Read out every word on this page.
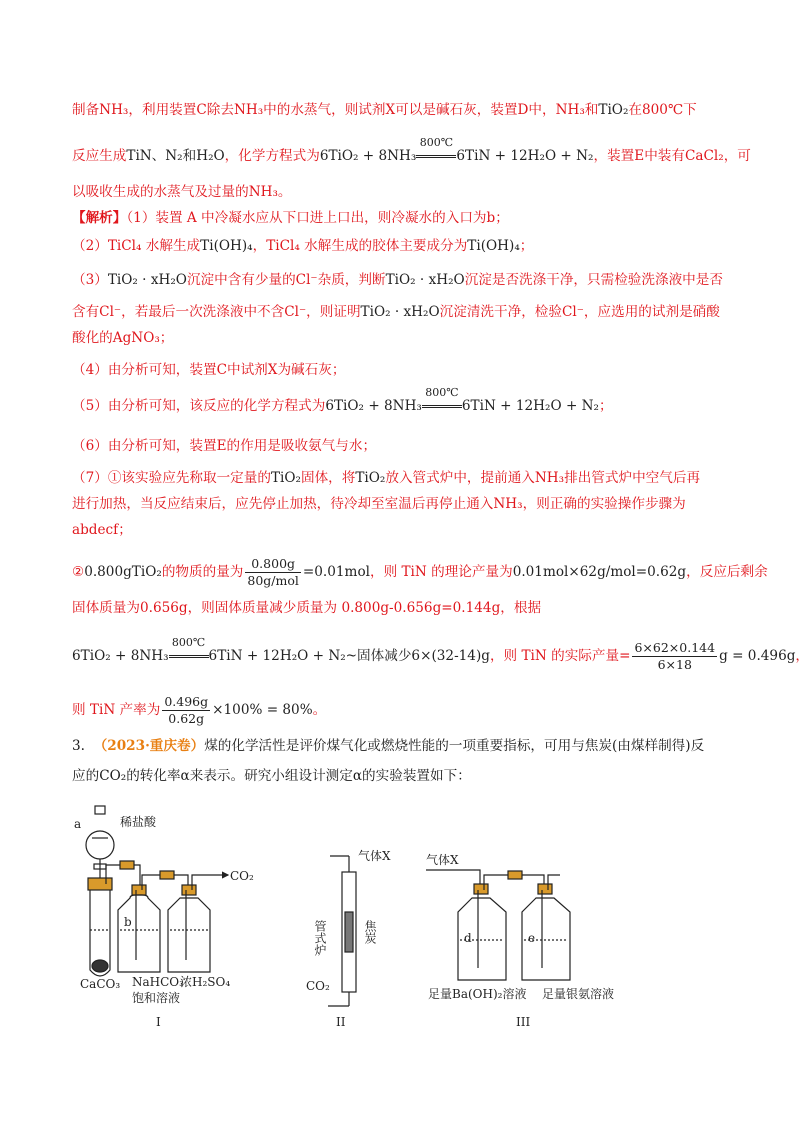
制备NH₃，利用装置C除去NH₃中的水蒸气，则试剂X可以是碱石灰，装置D中，NH₃和TiO₂在800℃下
反应生成TiN、N₂和H₂O，化学方程式为6TiO₂ + 8NH₃
800℃
6TiN + 12H₂O + N₂，装置E中装有CaCl₂，可
以吸收生成的水蒸气及过量的NH₃。
【解析】（1）装置 A 中冷凝水应从下口进上口出，则冷凝水的入口为b；
（2）TiCl₄ 水解生成Ti(OH)₄，TiCl₄ 水解生成的胶体主要成分为Ti(OH)₄；
（3）TiO₂ · xH₂O沉淀中含有少量的Cl⁻杂质，判断TiO₂ · xH₂O沉淀是否洗涤干净，只需检验洗涤液中是否
含有Cl⁻，若最后一次洗涤液中不含Cl⁻，则证明TiO₂ · xH₂O沉淀清洗干净，检验Cl⁻，应选用的试剂是硝酸
酸化的AgNO₃；
（4）由分析可知，装置C中试剂X为碱石灰；
（5）由分析可知，该反应的化学方程式为6TiO₂ + 8NH₃
800℃
6TiN + 12H₂O + N₂；
（6）由分析可知，装置E的作用是吸收氨气与水；
（7）①该实验应先称取一定量的TiO₂固体，将TiO₂放入管式炉中，提前通入NH₃排出管式炉中空气后再
进行加热，当反应结束后，应先停止加热，待冷却至室温后再停止通入NH₃，则正确的实验操作步骤为
abdecf；
②0.800gTiO₂的物质的量为 $\frac{0.800g}{\text{80g/mol}} =0.01mol$，则 TiN 的理论产量为0.01mol×62g/mol=0.62g，反应后剩余
固体质量为0.656g，则固体质量减少质量为 0.800g-0.656g=0.144g，根据
6TiO₂ + 8NH₃
800℃
6TiN + 12H₂O + N₂~固体减少6×(32-14)g，则 TiN 的实际产量= $\frac{6\times 62\times 0.144}{6\times 18}$ g = 0.496g，
则 TiN 产率为 $\frac{0.496g}{0.62g} \times 100\% = 80\%$。
3. （2023·重庆卷）煤的化学活性是评价煤气化或燃烧性能的一项重要指标，可用与焦炭(由煤样制得)反
应的CO₂的转化率α来表示。研究小组设计测定α的实验装置如下：
a	稀盐酸
CO₂
b
CaCO₃ NaHCO₃
饱和溶液
浓H₂SO₄
I
气体X
管式炉	焦炭
CO₂
II
气体X
d	e
足量Ba(OH)₂溶液 足量银氨溶液
III
